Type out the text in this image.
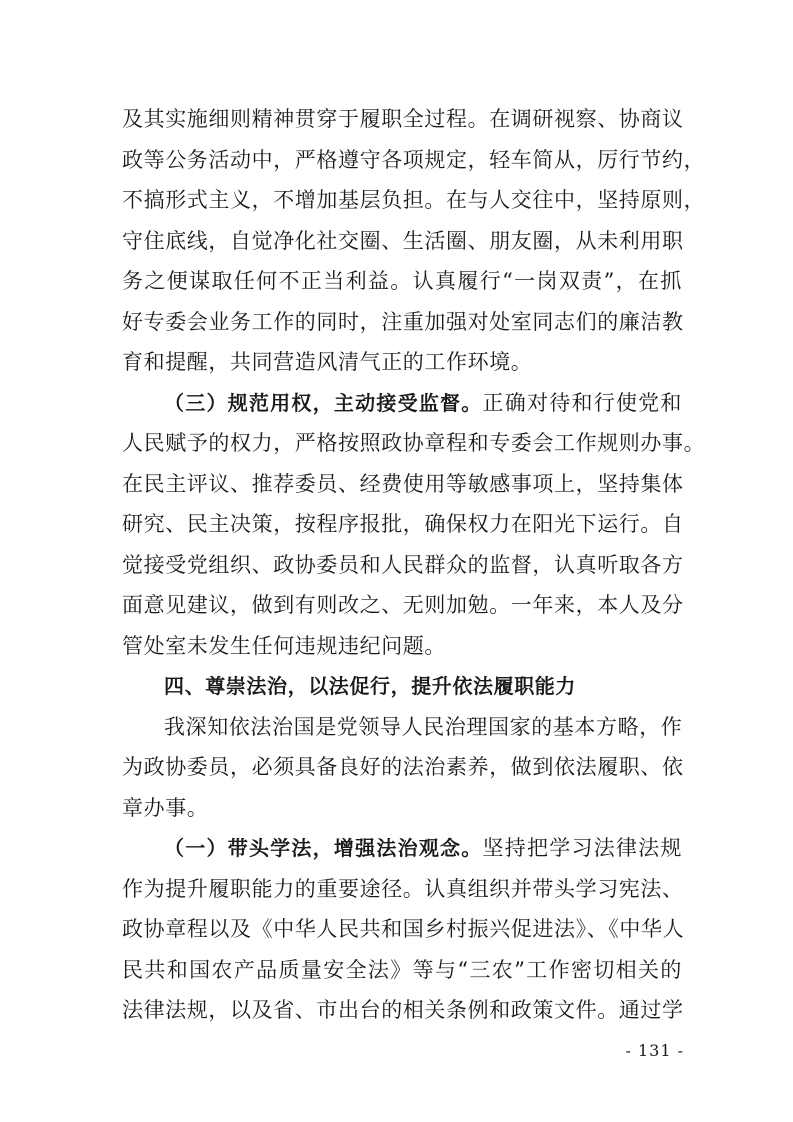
及其实施细则精神贯穿于履职全过程。在调研视察、协商议
政等公务活动中，严格遵守各项规定，轻车简从，厉行节约，
不搞形式主义，不增加基层负担。在与人交往中，坚持原则，
守住底线，自觉净化社交圈、生活圈、朋友圈，从未利用职
务之便谋取任何不正当利益。认真履行“一岗双责”，在抓
好专委会业务工作的同时，注重加强对处室同志们的廉洁教
育和提醒，共同营造风清气正的工作环境。
（三）规范用权，主动接受监督。正确对待和行使党和
人民赋予的权力，严格按照政协章程和专委会工作规则办事。
在民主评议、推荐委员、经费使用等敏感事项上，坚持集体
研究、民主决策，按程序报批，确保权力在阳光下运行。自
觉接受党组织、政协委员和人民群众的监督，认真听取各方
面意见建议，做到有则改之、无则加勉。一年来，本人及分
管处室未发生任何违规违纪问题。
四、尊崇法治，以法促行，提升依法履职能力
我深知依法治国是党领导人民治理国家的基本方略，作
为政协委员，必须具备良好的法治素养，做到依法履职、依
章办事。
（一）带头学法，增强法治观念。坚持把学习法律法规
作为提升履职能力的重要途径。认真组织并带头学习宪法、
政协章程以及《中华人民共和国乡村振兴促进法》、《中华人
民共和国农产品质量安全法》等与“三农”工作密切相关的
法律法规，以及省、市出台的相关条例和政策文件。通过学
- 131 -
